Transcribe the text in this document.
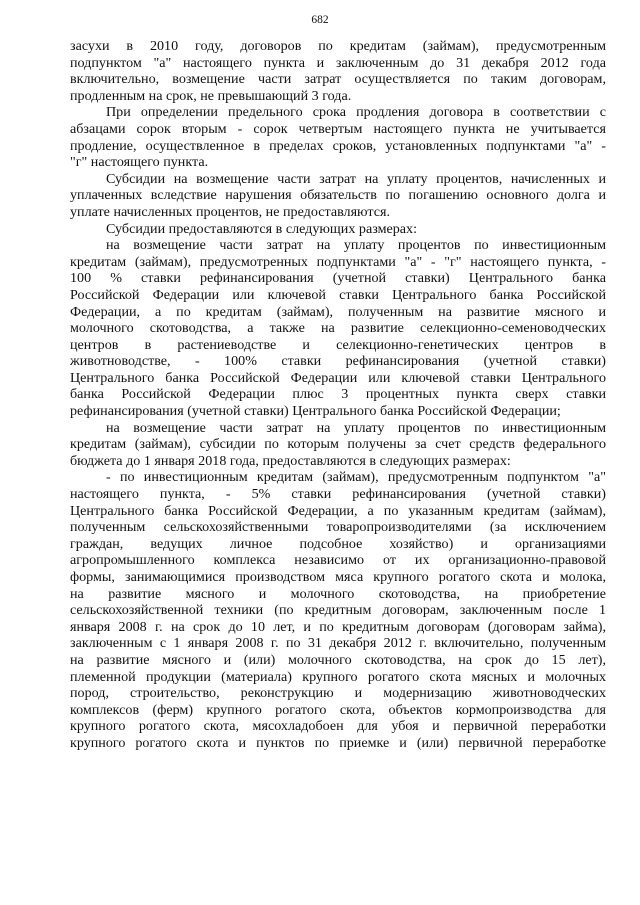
682
засухи в 2010 году, договоров по кредитам (займам), предусмотренным
подпунктом "а" настоящего пункта и заключенным до 31 декабря 2012 года
включительно, возмещение части затрат осуществляется по таким договорам,
продленным на срок, не превышающий 3 года.
При определении предельного срока продления договора в соответствии с
абзацами сорок вторым - сорок четвертым настоящего пункта не учитывается
продление, осуществленное в пределах сроков, установленных подпунктами "а" -
"г" настоящего пункта.
Субсидии на возмещение части затрат на уплату процентов, начисленных и
уплаченных вследствие нарушения обязательств по погашению основного долга и
уплате начисленных процентов, не предоставляются.
Субсидии предоставляются в следующих размерах:
на возмещение части затрат на уплату процентов по инвестиционным
кредитам (займам), предусмотренных подпунктами "а" - "г" настоящего пункта, -
100 % ставки рефинансирования (учетной ставки) Центрального банка
Российской Федерации или ключевой ставки Центрального банка Российской
Федерации, а по кредитам (займам), полученным на развитие мясного и
молочного скотоводства, а также на развитие селекционно-семеноводческих
центров в растениеводстве и селекционно-генетических центров в
животноводстве, - 100% ставки рефинансирования (учетной ставки)
Центрального банка Российской Федерации или ключевой ставки Центрального
банка Российской Федерации плюс 3 процентных пункта сверх ставки
рефинансирования (учетной ставки) Центрального банка Российской Федерации;
на возмещение части затрат на уплату процентов по инвестиционным
кредитам (займам), субсидии по которым получены за счет средств федерального
бюджета до 1 января 2018 года, предоставляются в следующих размерах:
- по инвестиционным кредитам (займам), предусмотренным подпунктом "а"
настоящего пункта, - 5% ставки рефинансирования (учетной ставки)
Центрального банка Российской Федерации, а по указанным кредитам (займам),
полученным сельскохозяйственными товаропроизводителями (за исключением
граждан, ведущих личное подсобное хозяйство) и организациями
агропромышленного комплекса независимо от их организационно-правовой
формы, занимающимися производством мяса крупного рогатого скота и молока,
на развитие мясного и молочного скотоводства, на приобретение
сельскохозяйственной техники (по кредитным договорам, заключенным после 1
января 2008 г. на срок до 10 лет, и по кредитным договорам (договорам займа),
заключенным с 1 января 2008 г. по 31 декабря 2012 г. включительно, полученным
на развитие мясного и (или) молочного скотоводства, на срок до 15 лет),
племенной продукции (материала) крупного рогатого скота мясных и молочных
пород, строительство, реконструкцию и модернизацию животноводческих
комплексов (ферм) крупного рогатого скота, объектов кормопроизводства для
крупного рогатого скота, мясохладобоен для убоя и первичной переработки
крупного рогатого скота и пунктов по приемке и (или) первичной переработке
